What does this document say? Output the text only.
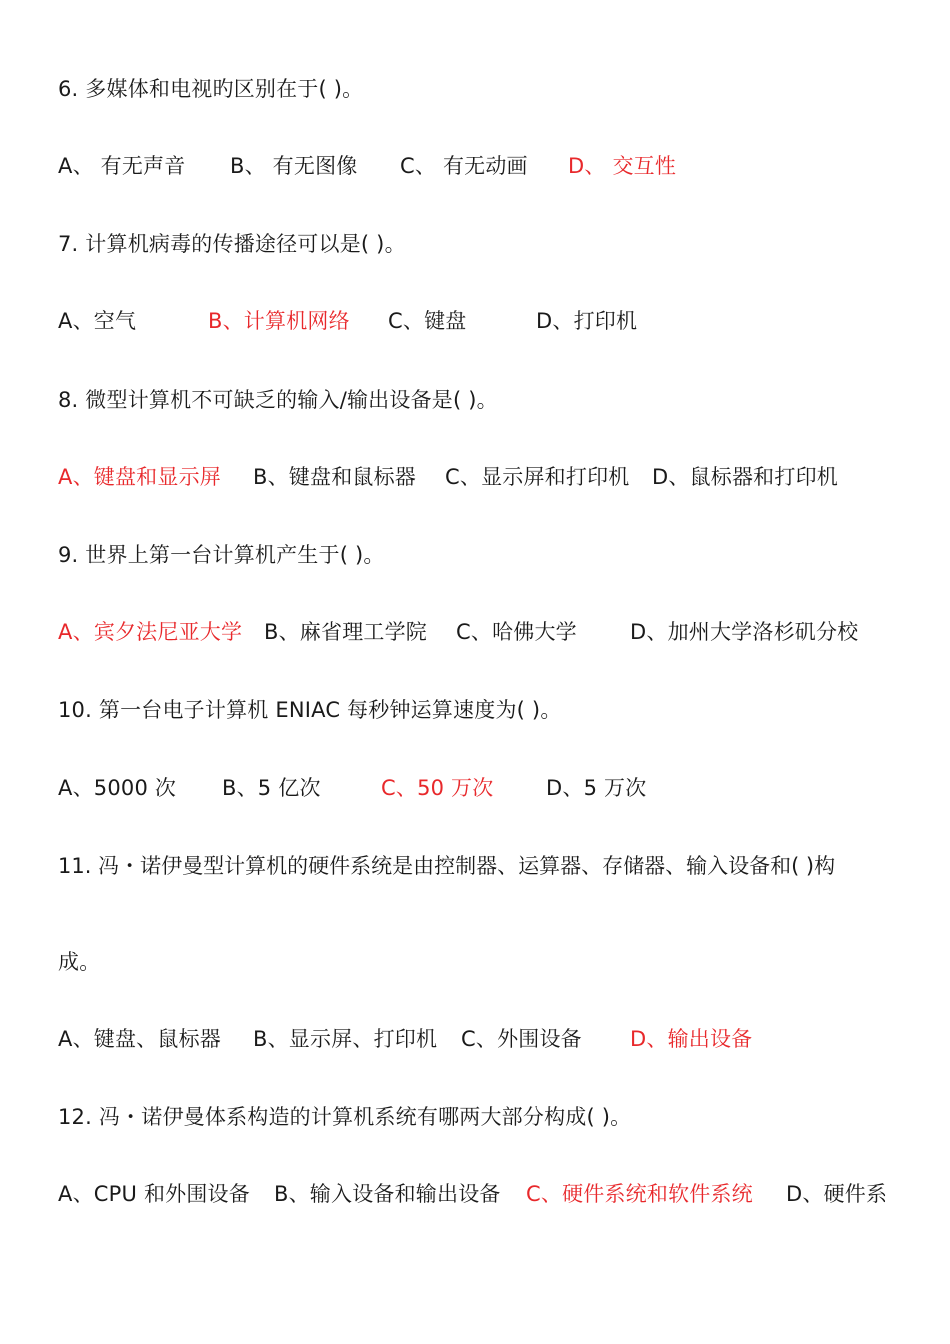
6. 多媒体和电视旳区别在于( )。
A、 有无声音 B、 有无图像 C、 有无动画 D、 交互性
7. 计算机病毒的传播途径可以是( )。
A、空气	B、计算机网络 C、键盘	D、打印机
8. 微型计算机不可缺乏的输入/输出设备是( )。
A、键盘和显示屏 B、键盘和鼠标器 C、显示屏和打印机 D、鼠标器和打印机
9. 世界上第一台计算机产生于( )。
A、宾夕法尼亚大学 B、麻省理工学院 C、哈佛大学	D、加州大学洛杉矶分校
10. 第一台电子计算机 ENIAC 每秒钟运算速度为( )。
A、5000 次 B、5 亿次	C、50 万次	D、5 万次
11. 冯・诺伊曼型计算机的硬件系统是由控制器、运算器、存储器、输入设备和( )构
成。
A、键盘、鼠标器 B、显示屏、打印机 C、外围设备 D、输出设备
12. 冯・诺伊曼体系构造的计算机系统有哪两大部分构成( )。
A、CPU 和外围设备 B、输入设备和输出设备 C、硬件系统和软件系统 D、硬件系
